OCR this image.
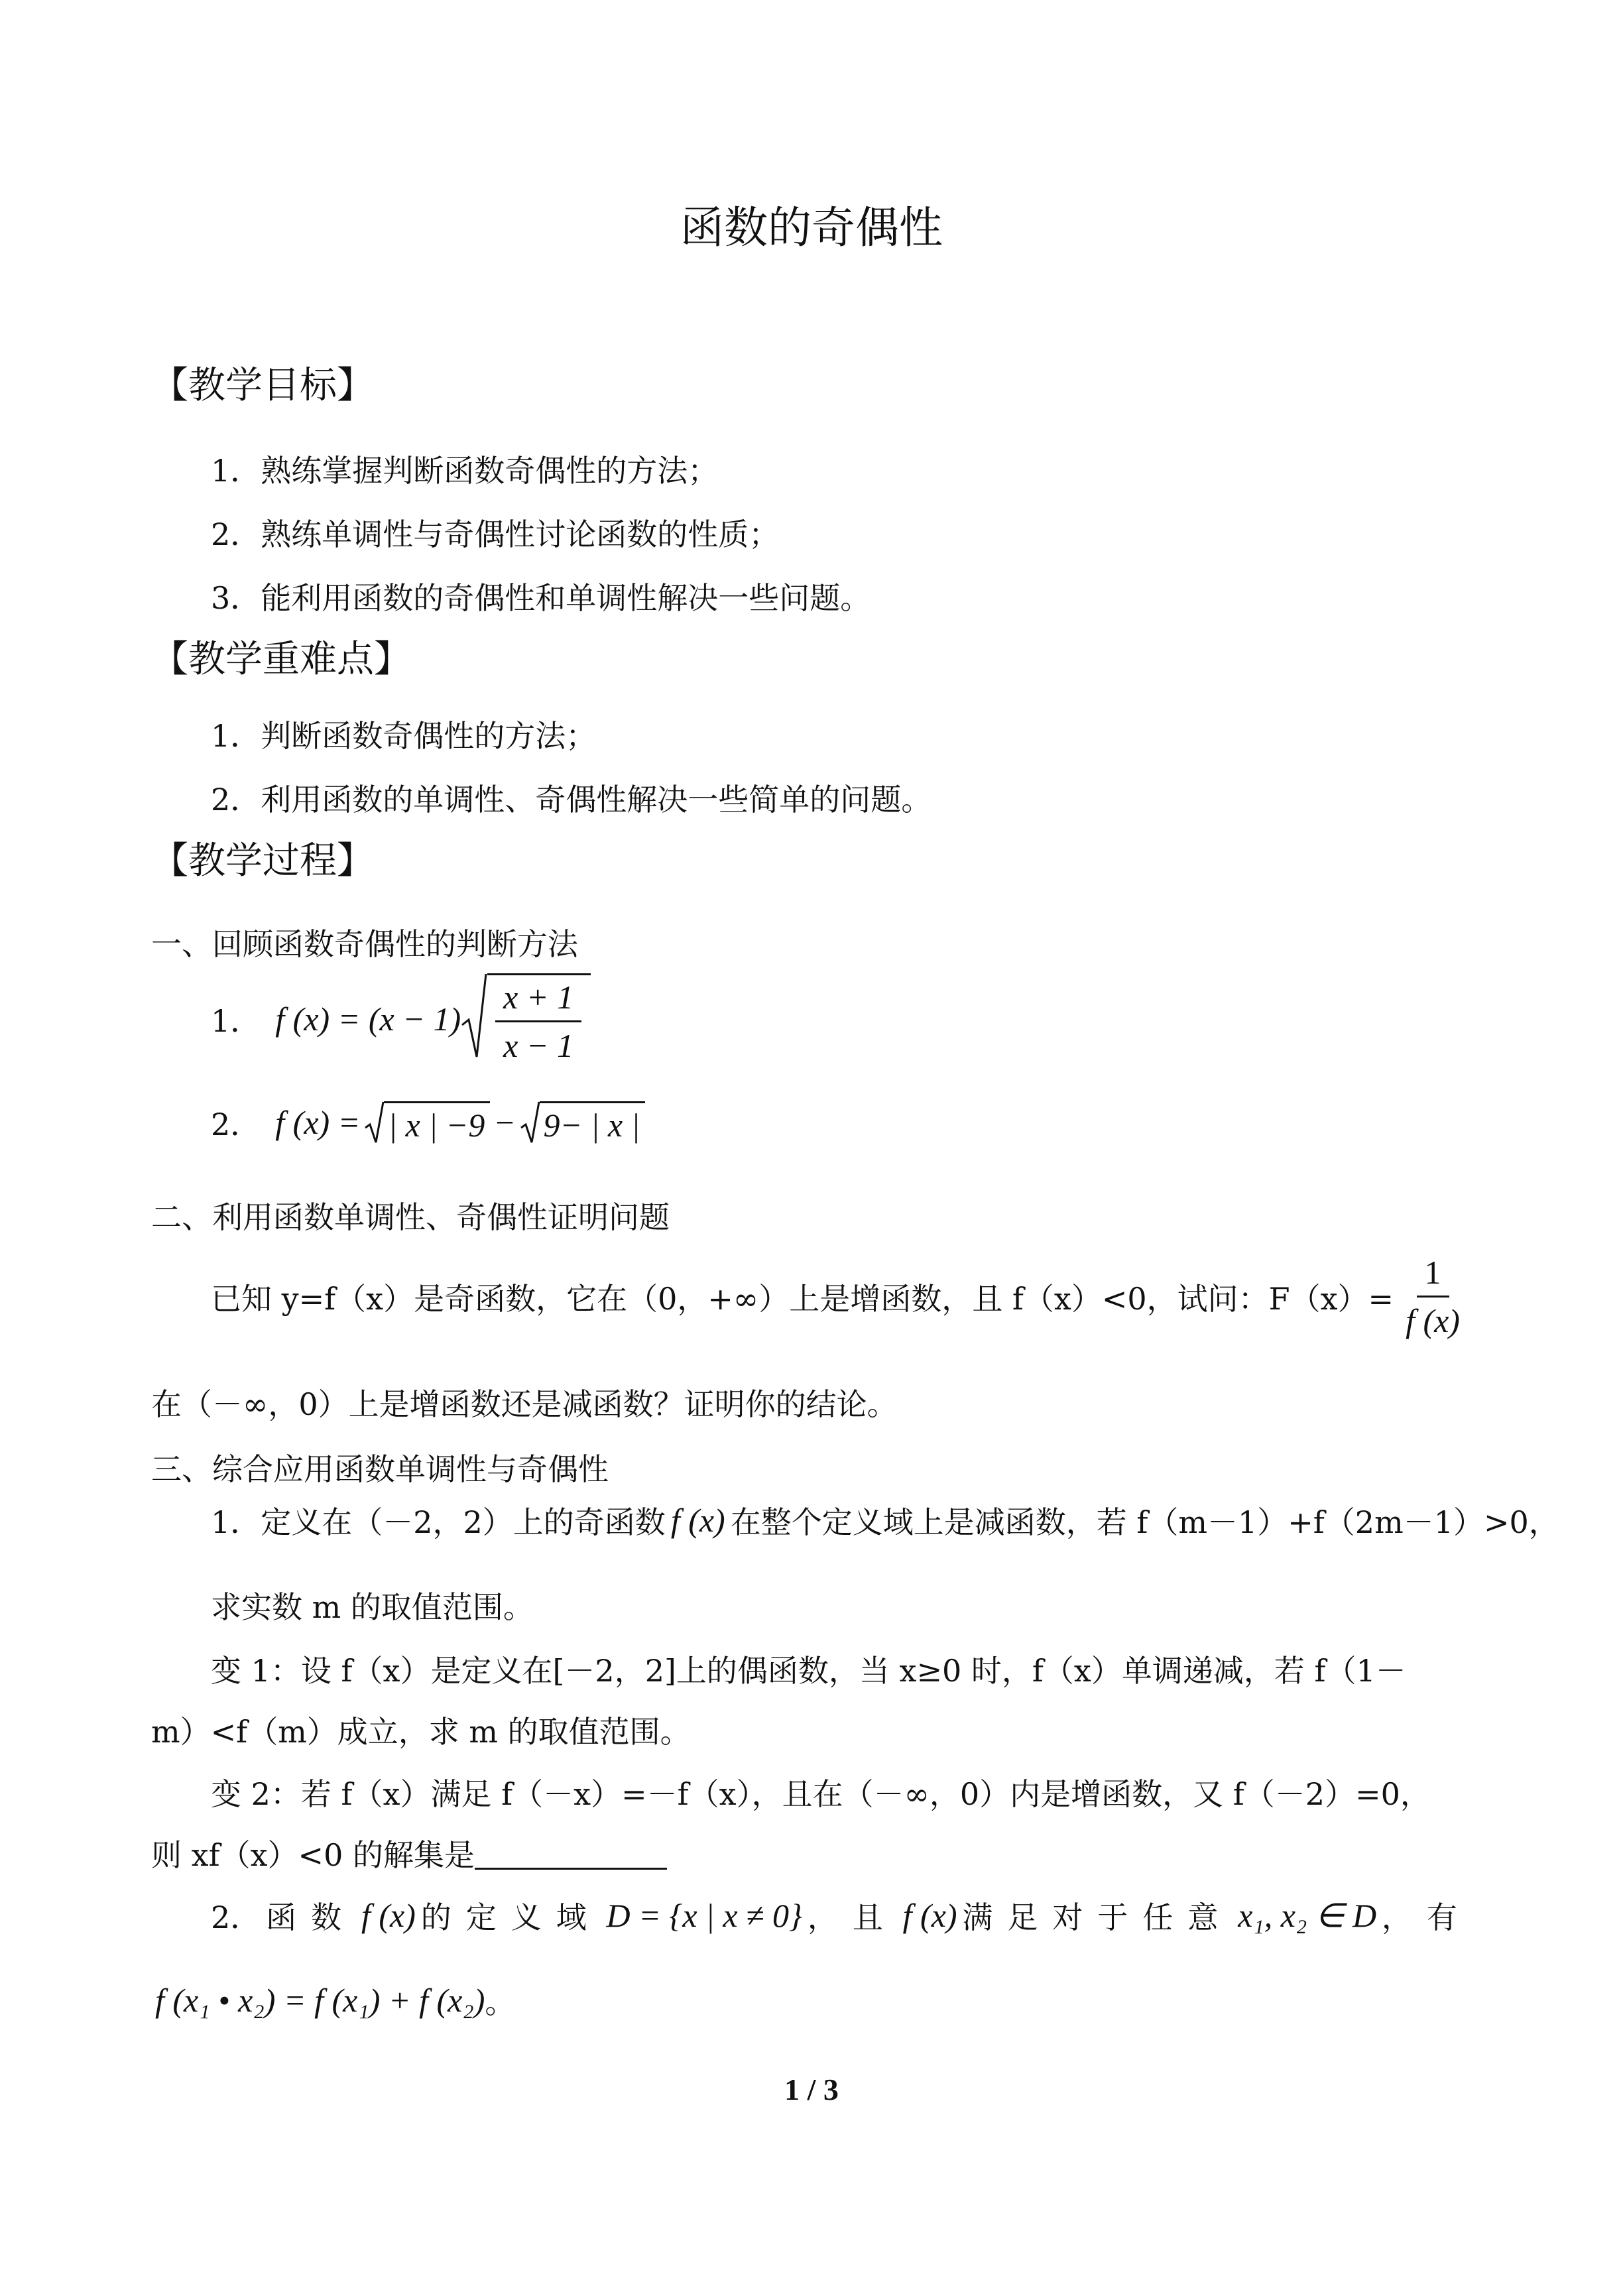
函数的奇偶性
【教学目标】
1．熟练掌握判断函数奇偶性的方法；
2．熟练单调性与奇偶性讨论函数的性质；
3．能利用函数的奇偶性和单调性解决一些问题。
【教学重难点】
1．判断函数奇偶性的方法；
2．利用函数的单调性、奇偶性解决一些简单的问题。
【教学过程】
一、回顾函数奇偶性的判断方法
1． f $(x) = (x - 1) \frac{x + 1}{x - 1}$
2． f (x) = | x | −9 − 9− | x |
二、利用函数单调性、奇偶性证明问题
已知 y=f（x）是奇函数，它在（0，+∞）上是增函数，且 f（x）<0，试问：$F(x)= \frac{1}{f (x)}$
在（－∞，0）上是增函数还是减函数？证明你的结论。
三、综合应用函数单调性与奇偶性
1．定义在（－2，2）上的奇函数 f (x) 在整个定义域上是减函数，若 f（m－1）+f（2m－1）>0，
求实数 m 的取值范围。
变 1：设 f（x）是定义在[－2，2]上的偶函数，当 x≥0 时，f（x）单调递减，若 f（1－
m）<f（m）成立，求 m 的取值范围。
变 2：若 f（x）满足 f（－x）=－f（x），且在（－∞，0）内是增函数，又 f（－2）=0，
则 xf（x）<0 的解集是
2． 函数 f (x) 的定义域 D = {x | x ≠ 0} ，且 f (x) 满足对于任意 x₁, x₂ ∈ D ，有
f (x₁ • x₂) = f (x₁) + f (x₂) 。
1 / 3
